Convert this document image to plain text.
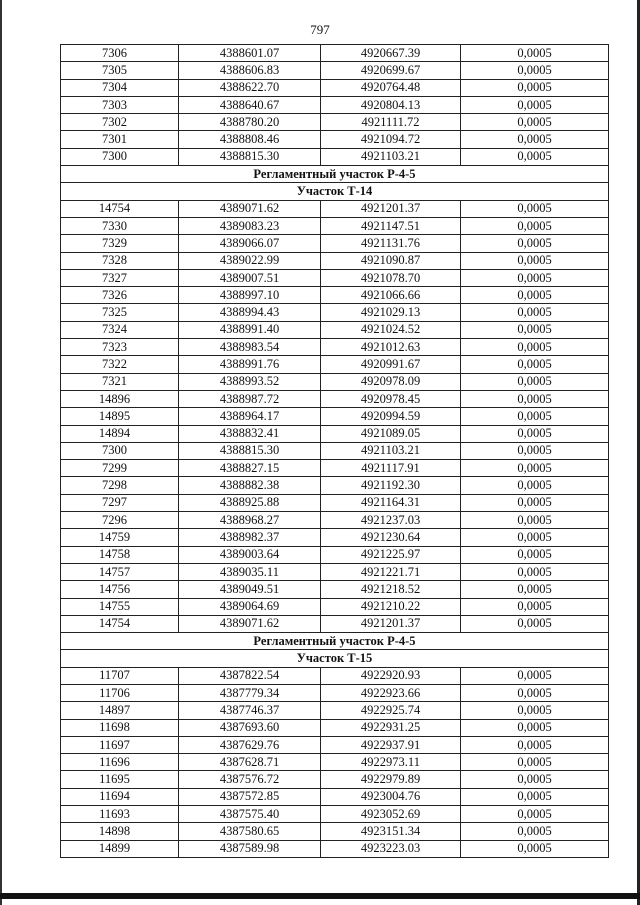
797
7306	4388601.07	4920667.39	0,0005
7305	4388606.83	4920699.67	0,0005
7304	4388622.70	4920764.48	0,0005
7303	4388640.67	4920804.13	0,0005
7302	4388780.20	4921111.72	0,0005
7301	4388808.46	4921094.72	0,0005
7300	4388815.30	4921103.21	0,0005
Регламентный участок Р-4-5			
Участок Т-14			
14754	4389071.62	4921201.37	0,0005
7330	4389083.23	4921147.51	0,0005
7329	4389066.07	4921131.76	0,0005
7328	4389022.99	4921090.87	0,0005
7327	4389007.51	4921078.70	0,0005
7326	4388997.10	4921066.66	0,0005
7325	4388994.43	4921029.13	0,0005
7324	4388991.40	4921024.52	0,0005
7323	4388983.54	4921012.63	0,0005
7322	4388991.76	4920991.67	0,0005
7321	4388993.52	4920978.09	0,0005
14896	4388987.72	4920978.45	0,0005
14895	4388964.17	4920994.59	0,0005
14894	4388832.41	4921089.05	0,0005
7300	4388815.30	4921103.21	0,0005
7299	4388827.15	4921117.91	0,0005
7298	4388882.38	4921192.30	0,0005
7297	4388925.88	4921164.31	0,0005
7296	4388968.27	4921237.03	0,0005
14759	4388982.37	4921230.64	0,0005
14758	4389003.64	4921225.97	0,0005
14757	4389035.11	4921221.71	0,0005
14756	4389049.51	4921218.52	0,0005
14755	4389064.69	4921210.22	0,0005
14754	4389071.62	4921201.37	0,0005
Регламентный участок Р-4-5			
Участок Т-15			
11707	4387822.54	4922920.93	0,0005
11706	4387779.34	4922923.66	0,0005
14897	4387746.37	4922925.74	0,0005
11698	4387693.60	4922931.25	0,0005
11697	4387629.76	4922937.91	0,0005
11696	4387628.71	4922973.11	0,0005
11695	4387576.72	4922979.89	0,0005
11694	4387572.85	4923004.76	0,0005
11693	4387575.40	4923052.69	0,0005
14898	4387580.65	4923151.34	0,0005
14899	4387589.98	4923223.03	0,0005
